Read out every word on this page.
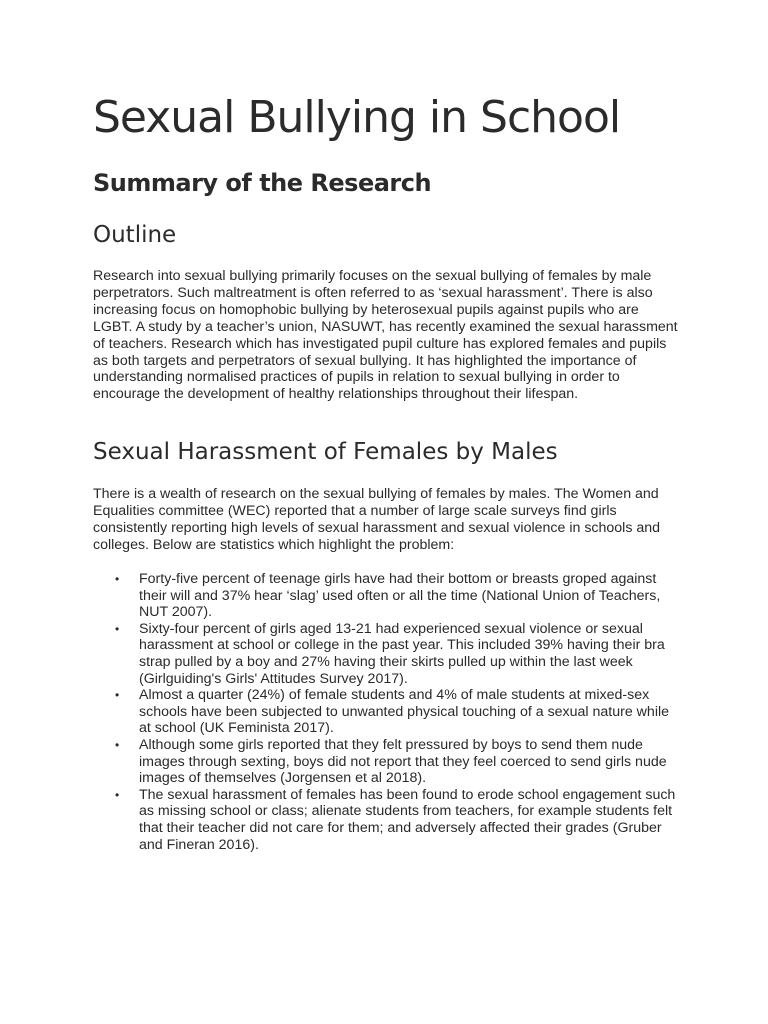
Sexual Bullying in School
Summary of the Research
Outline

Research into sexual bullying primarily focuses on the sexual bullying of females by male perpetrators. Such maltreatment is often referred to as ‘sexual harassment’. There is also increasing focus on homophobic bullying by heterosexual pupils against pupils who are LGBT. A study by a teacher’s union, NASUWT, has recently examined the sexual harassment of teachers. Research which has investigated pupil culture has explored females and pupils as both targets and perpetrators of sexual bullying. It has highlighted the importance of understanding normalised practices of pupils in relation to sexual bullying in order to encourage the development of healthy relationships throughout their lifespan.

Sexual Harassment of Females by Males

There is a wealth of research on the sexual bullying of females by males. The Women and Equalities committee (WEC) reported that a number of large scale surveys find girls consistently reporting high levels of sexual harassment and sexual violence in schools and colleges. Below are statistics which highlight the problem:

• Forty-five percent of teenage girls have had their bottom or breasts groped against their will and 37% hear ‘slag’ used often or all the time (National Union of Teachers, NUT 2007).
• Sixty-four percent of girls aged 13-21 had experienced sexual violence or sexual harassment at school or college in the past year. This included 39% having their bra strap pulled by a boy and 27% having their skirts pulled up within the last week (Girlguiding's Girls' Attitudes Survey 2017).
• Almost a quarter (24%) of female students and 4% of male students at mixed-sex schools have been subjected to unwanted physical touching of a sexual nature while at school (UK Feminista 2017).
• Although some girls reported that they felt pressured by boys to send them nude images through sexting, boys did not report that they feel coerced to send girls nude images of themselves (Jorgensen et al 2018).
• The sexual harassment of females has been found to erode school engagement such as missing school or class; alienate students from teachers, for example students felt that their teacher did not care for them; and adversely affected their grades (Gruber and Fineran 2016).
